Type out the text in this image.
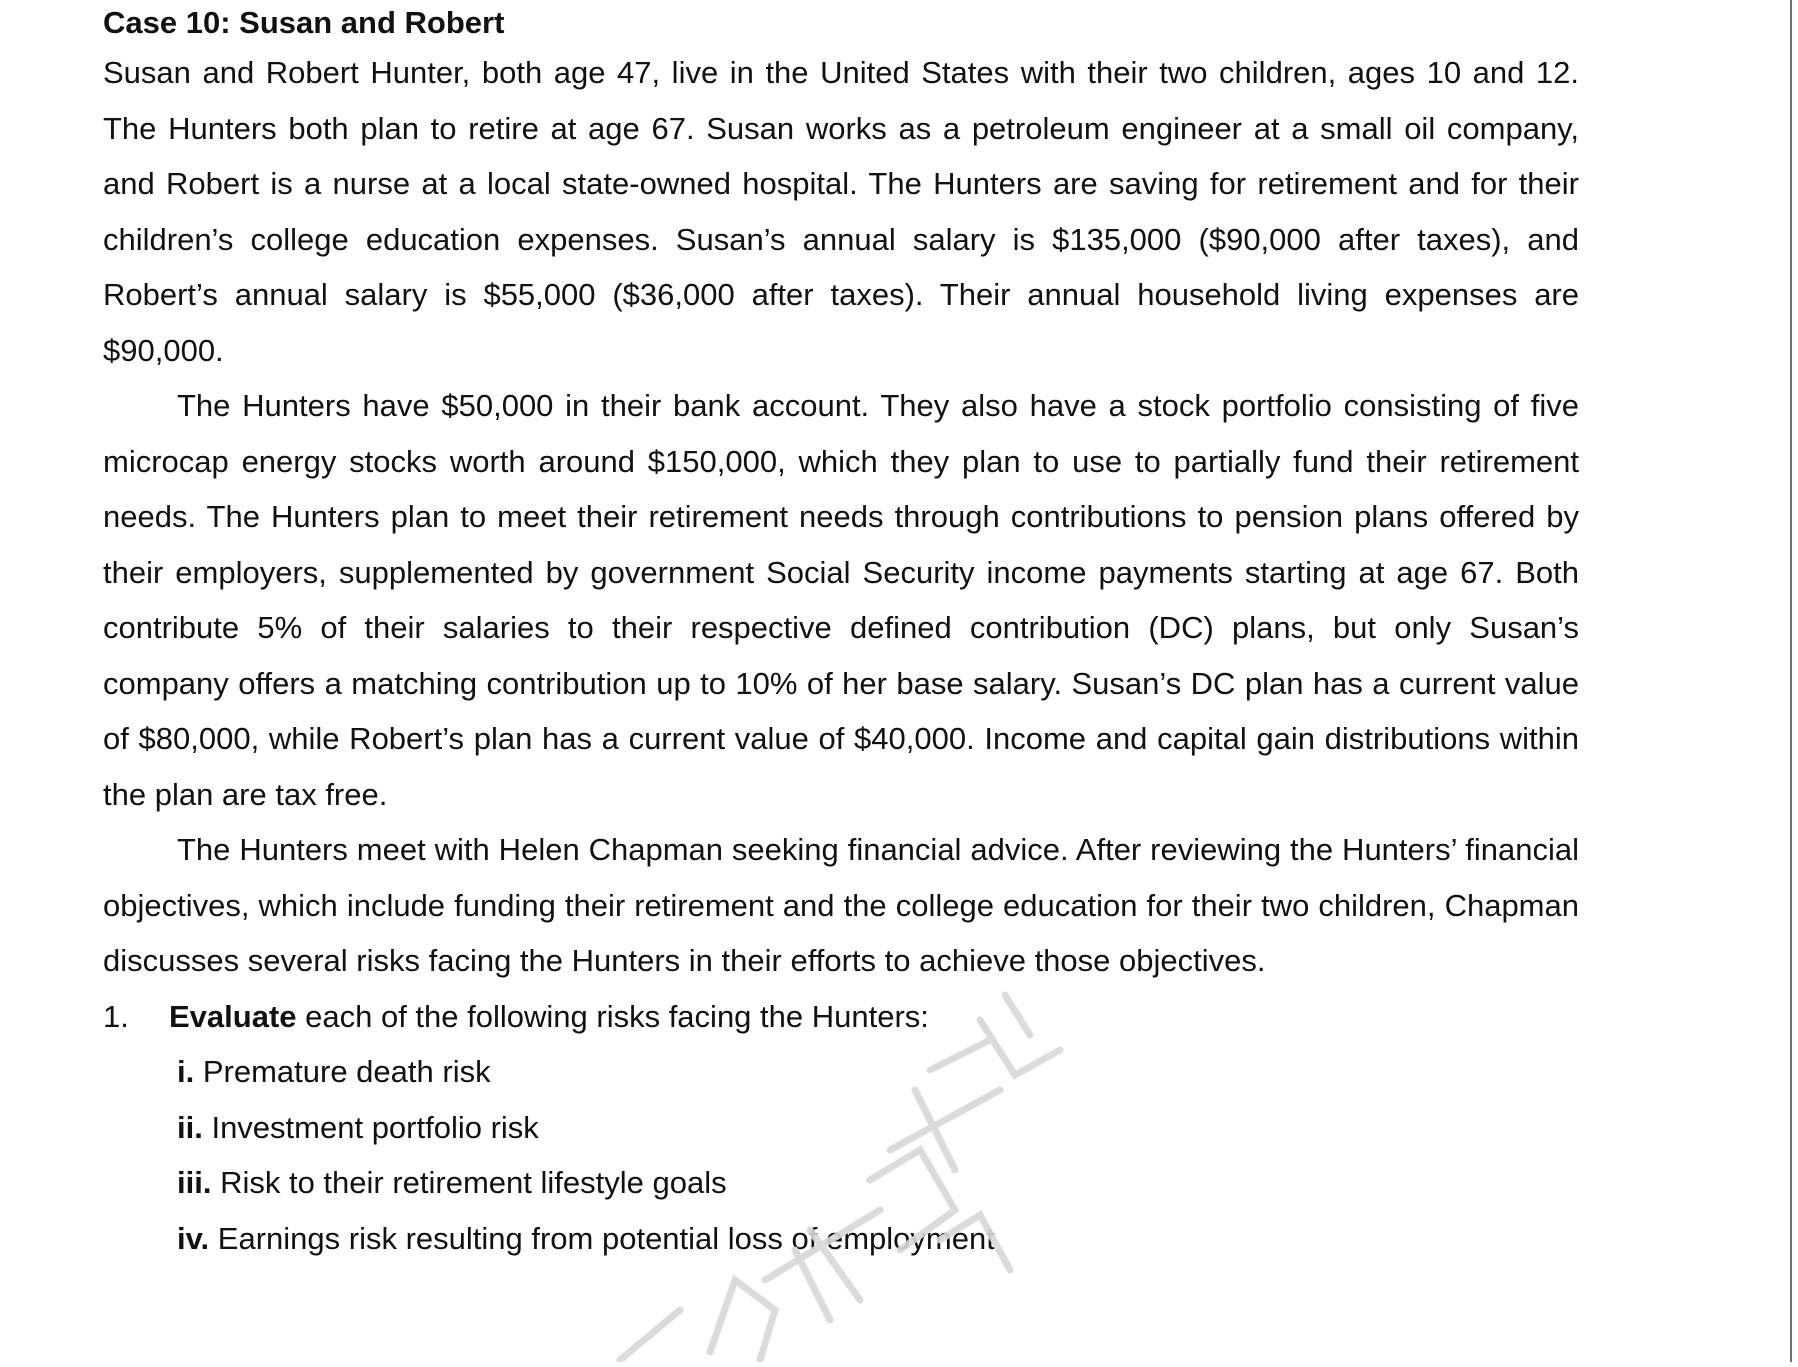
Case 10: Susan and Robert

Susan and Robert Hunter, both age 47, live in the United States with their two children, ages 10 and 12. The Hunters both plan to retire at age 67. Susan works as a petroleum engineer at a small oil company, and Robert is a nurse at a local state-owned hospital. The Hunters are saving for retirement and for their children’s college education expenses. Susan’s annual salary is $135,000 ($90,000 after taxes), and Robert’s annual salary is $55,000 ($36,000 after taxes). Their annual household living expenses are $90,000.

The Hunters have $50,000 in their bank account. They also have a stock portfolio consisting of five microcap energy stocks worth around $150,000, which they plan to use to partially fund their retirement needs. The Hunters plan to meet their retirement needs through contributions to pension plans offered by their employers, supplemented by government Social Security income payments starting at age 67. Both contribute 5% of their salaries to their respective defined contribution (DC) plans, but only Susan’s company offers a matching contribution up to 10% of her base salary. Susan’s DC plan has a current value of $80,000, while Robert’s plan has a current value of $40,000. Income and capital gain distributions within the plan are tax free.

The Hunters meet with Helen Chapman seeking financial advice. After reviewing the Hunters’ financial objectives, which include funding their retirement and the college education for their two children, Chapman discusses several risks facing the Hunters in their efforts to achieve those objectives.

1. Evaluate each of the following risks facing the Hunters:
i. Premature death risk
ii. Investment portfolio risk
iii. Risk to their retirement lifestyle goals
iv. Earnings risk resulting from potential loss of employment
